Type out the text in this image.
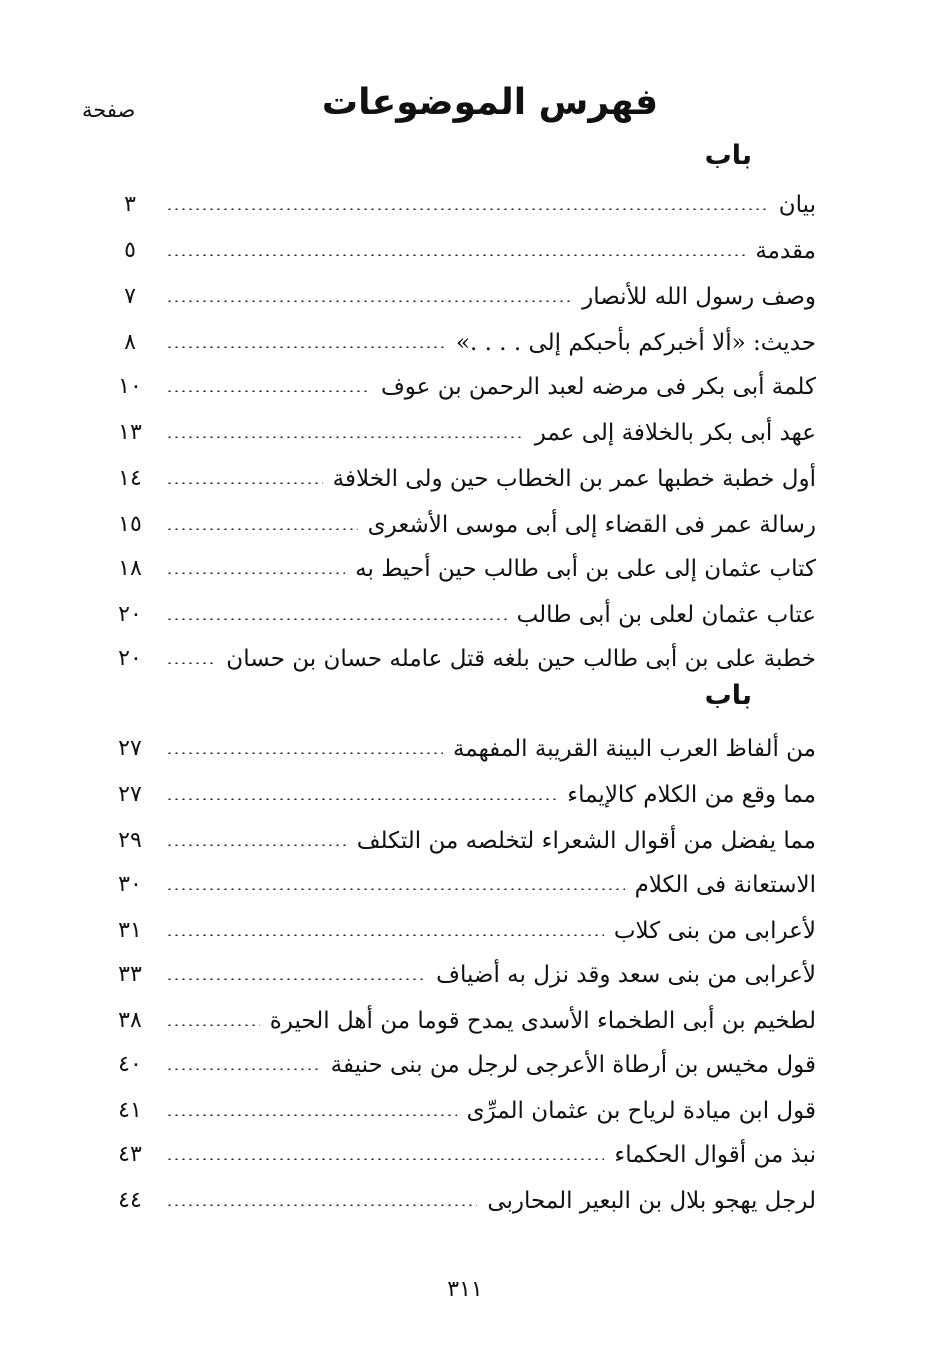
فهرس الموضوعات
صفحة
باب
باب
بيان
٣
مقدمة
٥
وصف رسول الله للأنصار
٧
حديث: «ألا أخبركم بأحبكم إلى . . . .»
٨
كلمة أبى بكر فى مرضه لعبد الرحمن بن عوف
١٠
عهد أبى بكر بالخلافة إلى عمر
١٣
أول خطبة خطبها عمر بن الخطاب حين ولى الخلافة
١٤
رسالة عمر فى القضاء إلى أبى موسى الأشعرى
١٥
كتاب عثمان إلى على بن أبى طالب حين أحيط به
١٨
عتاب عثمان لعلى بن أبى طالب
٢٠
خطبة على بن أبى طالب حين بلغه قتل عامله حسان بن حسان
٢٠
من ألفاظ العرب البينة القريبة المفهمة
٢٧
مما وقع من الكلام كالإيماء
٢٧
مما يفضل من أقوال الشعراء لتخلصه من التكلف
٢٩
الاستعانة فى الكلام
٣٠
لأعرابى من بنى كلاب
٣١
لأعرابى من بنى سعد وقد نزل به أضياف
٣٣
لطخيم بن أبى الطخماء الأسدى يمدح قوما من أهل الحيرة
٣٨
قول مخيس بن أرطاة الأعرجى لرجل من بنى حنيفة
٤٠
قول ابن ميادة لرياح بن عثمان المرِّى
٤١
نبذ من أقوال الحكماء
٤٣
لرجل يهجو بلال بن البعير المحاربى
٤٤
٣١١
